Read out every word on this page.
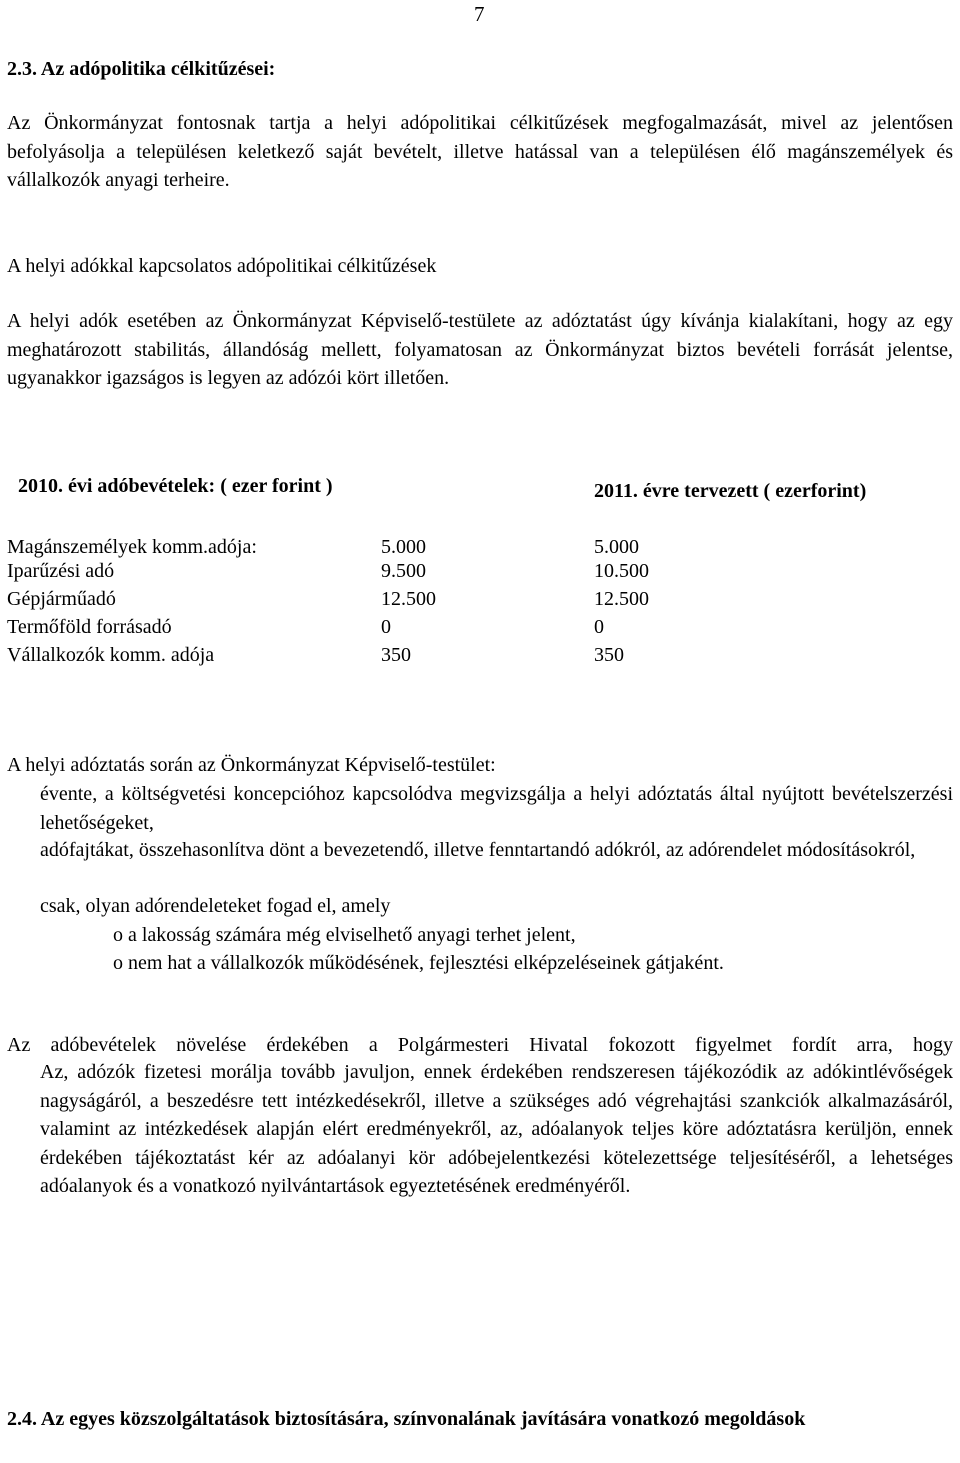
7
2.3. Az adópolitika célkitűzései:
Az Önkormányzat fontosnak tartja a helyi adópolitikai célkitűzések megfogalmazását, mivel az jelentősen befolyásolja a településen keletkező saját bevételt, illetve hatással van a településen élő magánszemélyek és vállalkozók anyagi terheire.
A helyi adókkal kapcsolatos adópolitikai célkitűzések
A helyi adók esetében az Önkormányzat Képviselő-testülete az adóztatást úgy kívánja kialakítani, hogy az egy meghatározott stabilitás, állandóság mellett, folyamatosan az Önkormányzat biztos bevételi forrását jelentse, ugyanakkor igazságos is legyen az adózói kört illetően.
2010. évi adóbevételek: ( ezer forint )	2011. évre tervezett ( ezerforint)
Magánszemélyek komm.adója:	5.000	5.000
Iparűzési adó	9.500	10.500
Gépjárműadó	12.500	12.500
Termőföld forrásadó	0	0
Vállalkozók komm. adója	350	350
A helyi adóztatás során az Önkormányzat Képviselő-testület:
évente, a költségvetési koncepcióhoz kapcsolódva megvizsgálja a helyi adóztatás által nyújtott bevételszerzési lehetőségeket,
adófajtákat, összehasonlítva dönt a bevezetendő, illetve fenntartandó adókról, az adórendelet módosításokról,
csak, olyan adórendeleteket fogad el, amely
o a lakosság számára még elviselhető anyagi terhet jelent,
o nem hat a vállalkozók működésének, fejlesztési elképzeléseinek gátjaként.
Az adóbevételek növelése érdekében a Polgármesteri Hivatal fokozott figyelmet fordít arra, hogy
Az, adózók fizetesi morálja tovább javuljon, ennek érdekében rendszeresen tájékozódik az adókintlévőségek nagyságáról, a beszedésre tett intézkedésekről, illetve a szükséges adó végrehajtási szankciók alkalmazásáról, valamint az intézkedések alapján elért eredményekről, az, adóalanyok teljes köre adóztatásra kerüljön, ennek érdekében tájékoztatást kér az adóalanyi kör adóbejelentkezési kötelezettsége teljesítéséről, a lehetséges adóalanyok és a vonatkozó nyilvántartások egyeztetésének eredményéről.
2.4. Az egyes közszolgáltatások biztosítására, színvonalának javítására vonatkozó megoldások
